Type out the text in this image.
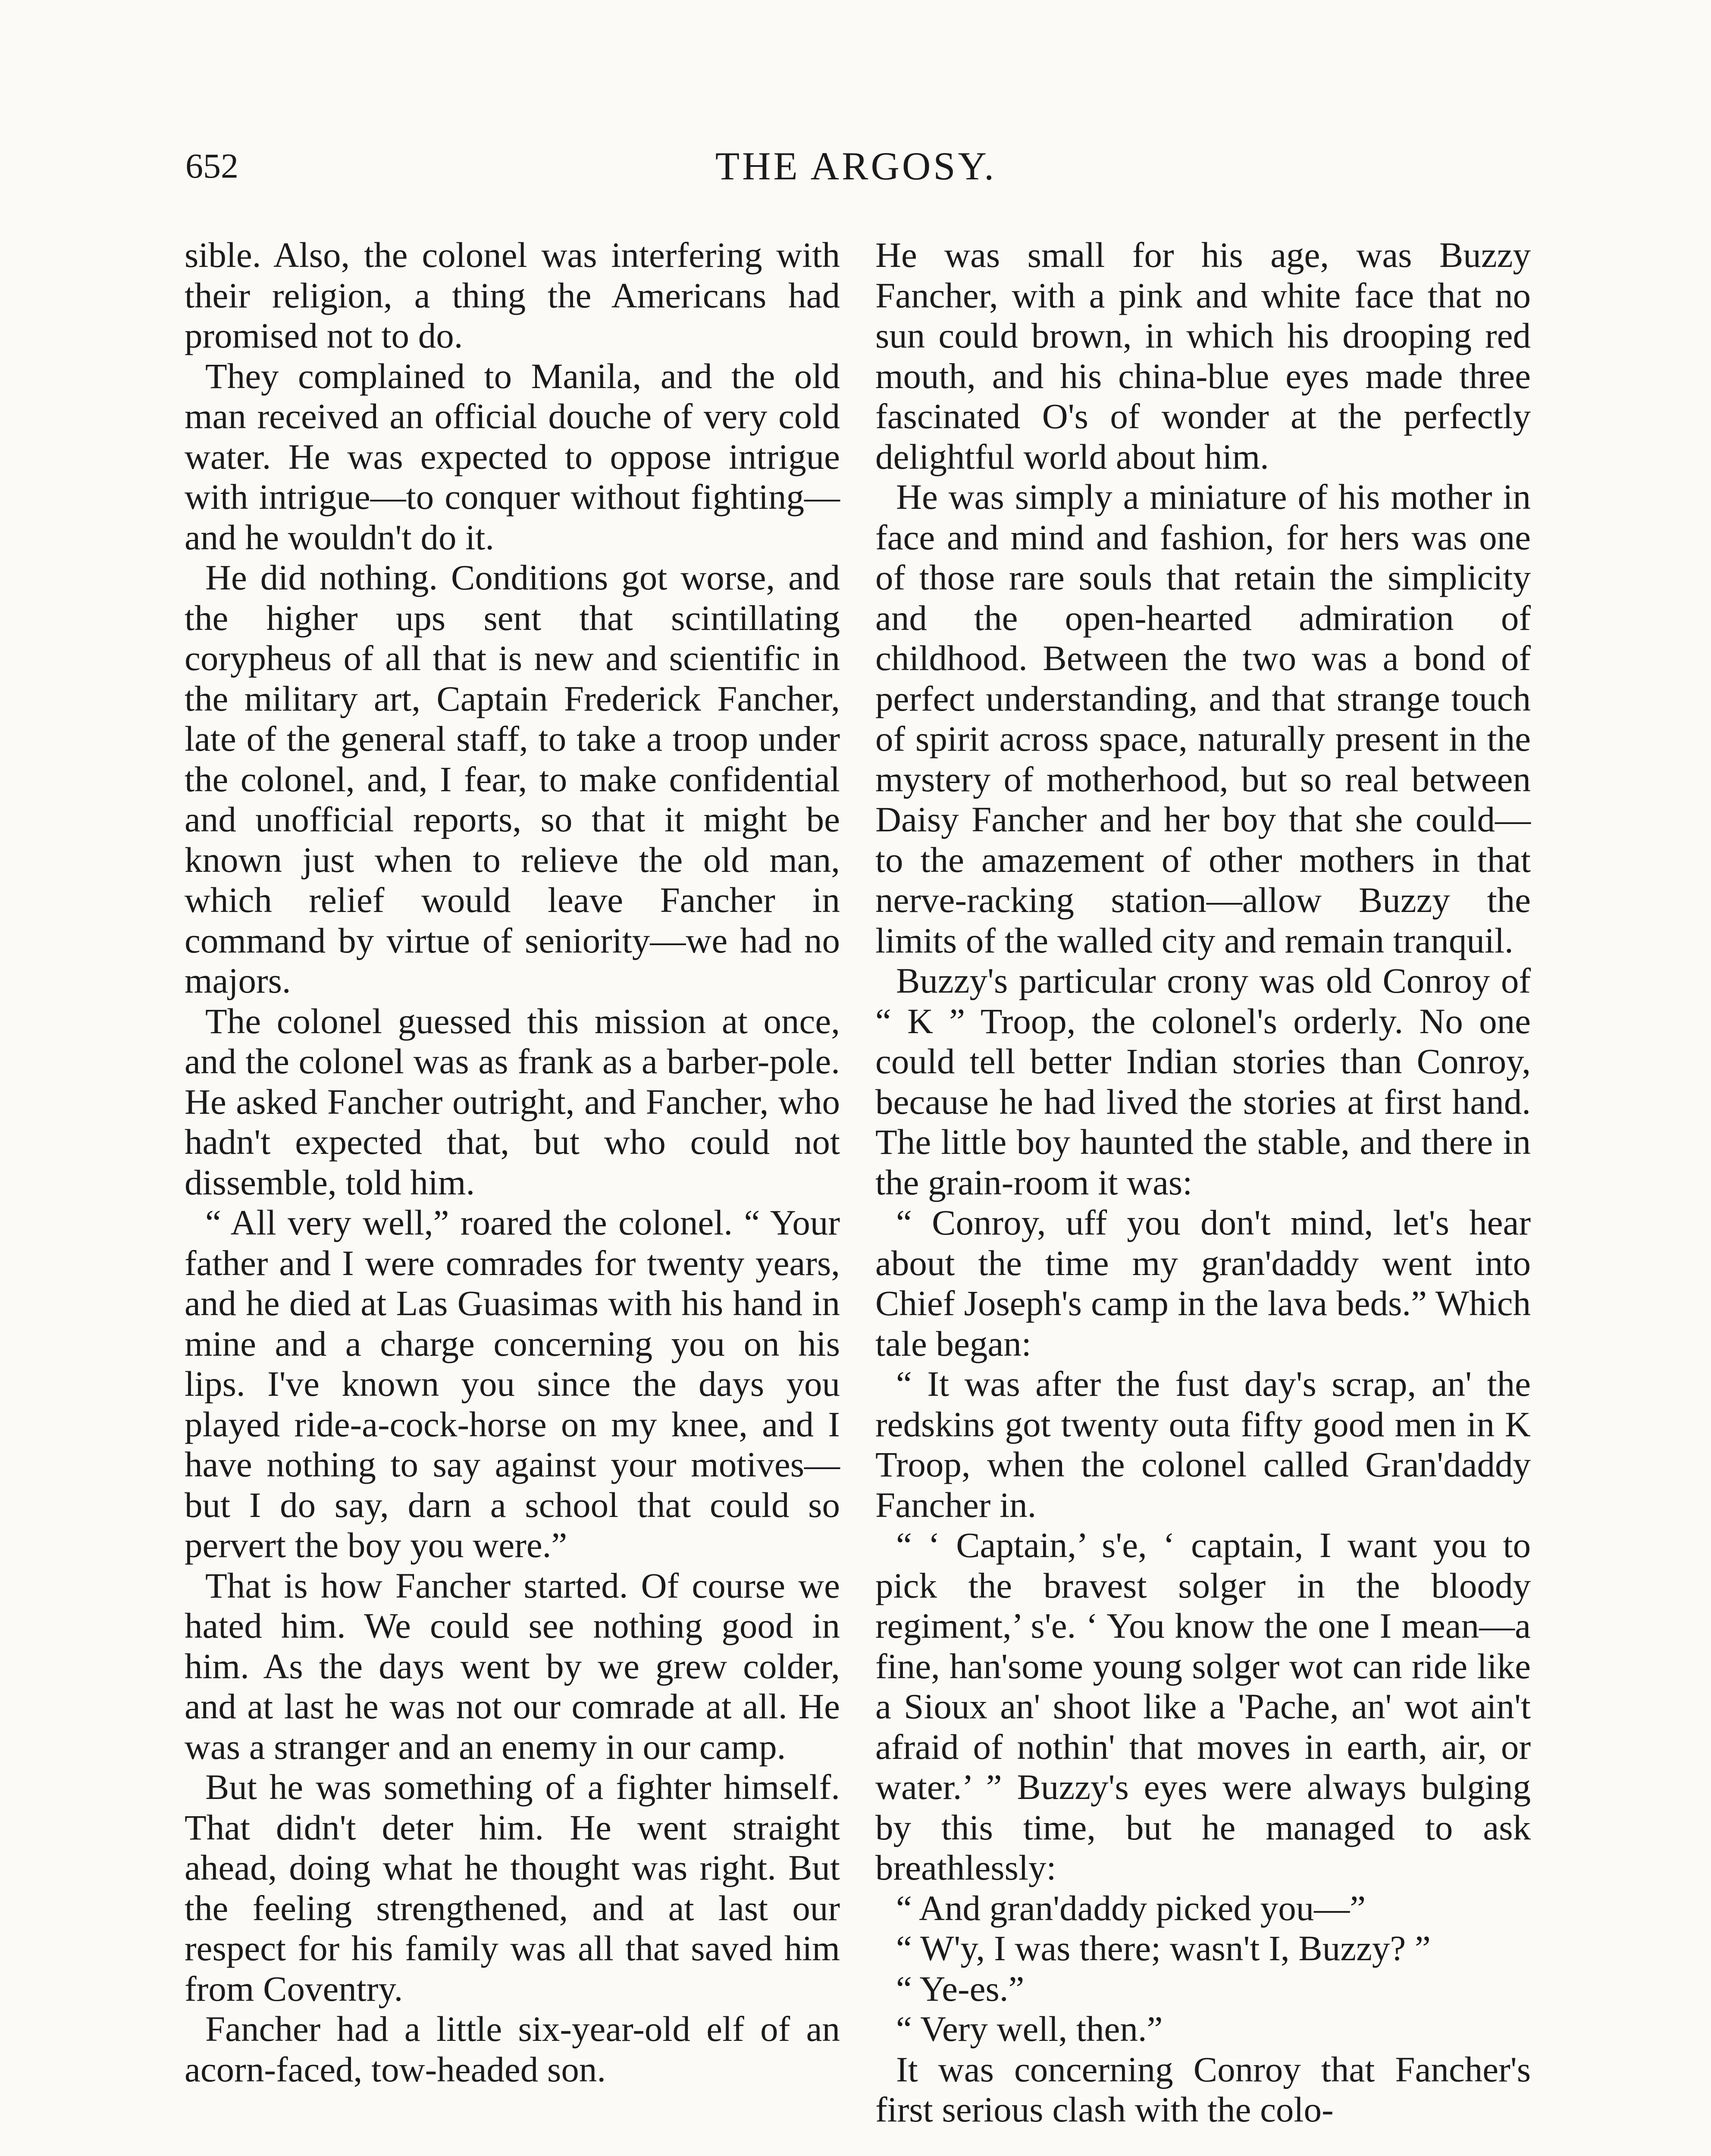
652	THE ARGOSY.

sible. Also, the colonel was interfering with their religion, a thing the Americans had promised not to do.

They complained to Manila, and the old man received an official douche of very cold water. He was expected to oppose intrigue with intrigue—to conquer without fighting—and he wouldn't do it.

He did nothing. Conditions got worse, and the higher ups sent that scintillating corypheus of all that is new and scientific in the military art, Captain Frederick Fancher, late of the general staff, to take a troop under the colonel, and, I fear, to make confidential and unofficial reports, so that it might be known just when to relieve the old man, which relief would leave Fancher in command by virtue of seniority—we had no majors.

The colonel guessed this mission at once, and the colonel was as frank as a barber-pole. He asked Fancher outright, and Fancher, who hadn't expected that, but who could not dissemble, told him.

“ All very well,” roared the colonel. “ Your father and I were comrades for twenty years, and he died at Las Guasimas with his hand in mine and a charge concerning you on his lips. I've known you since the days you played ride-a-cock-horse on my knee, and I have nothing to say against your motives—but I do say, darn a school that could so pervert the boy you were.”

That is how Fancher started. Of course we hated him. We could see nothing good in him. As the days went by we grew colder, and at last he was not our comrade at all. He was a stranger and an enemy in our camp.

But he was something of a fighter himself. That didn't deter him. He went straight ahead, doing what he thought was right. But the feeling strengthened, and at last our respect for his family was all that saved him from Coventry.

Fancher had a little six-year-old elf of an acorn-faced, tow-headed son.

He was small for his age, was Buzzy Fancher, with a pink and white face that no sun could brown, in which his drooping red mouth, and his china-blue eyes made three fascinated O's of wonder at the perfectly delightful world about him.

He was simply a miniature of his mother in face and mind and fashion, for hers was one of those rare souls that retain the simplicity and the open-hearted admiration of childhood. Between the two was a bond of perfect understanding, and that strange touch of spirit across space, naturally present in the mystery of motherhood, but so real between Daisy Fancher and her boy that she could—to the amazement of other mothers in that nerve-racking station—allow Buzzy the limits of the walled city and remain tranquil.

Buzzy's particular crony was old Conroy of “ K ” Troop, the colonel's orderly. No one could tell better Indian stories than Conroy, because he had lived the stories at first hand. The little boy haunted the stable, and there in the grain-room it was:

“ Conroy, uff you don't mind, let's hear about the time my gran'daddy went into Chief Joseph's camp in the lava beds.” Which tale began:

“ It was after the fust day's scrap, an' the redskins got twenty outa fifty good men in K Troop, when the colonel called Gran'daddy Fancher in.

“ ‘ Captain,’ s'e, ‘ captain, I want you to pick the bravest solger in the bloody regiment,’ s'e. ‘ You know the one I mean—a fine, han'some young solger wot can ride like a Sioux an' shoot like a 'Pache, an' wot ain't afraid of nothin' that moves in earth, air, or water.’ ” Buzzy's eyes were always bulging by this time, but he managed to ask breathlessly:

“ And gran'daddy picked you—”

“ W'y, I was there; wasn't I, Buzzy? ”

“ Ye-es.”

“ Very well, then.”

It was concerning Conroy that Fancher's first serious clash with the colo-
